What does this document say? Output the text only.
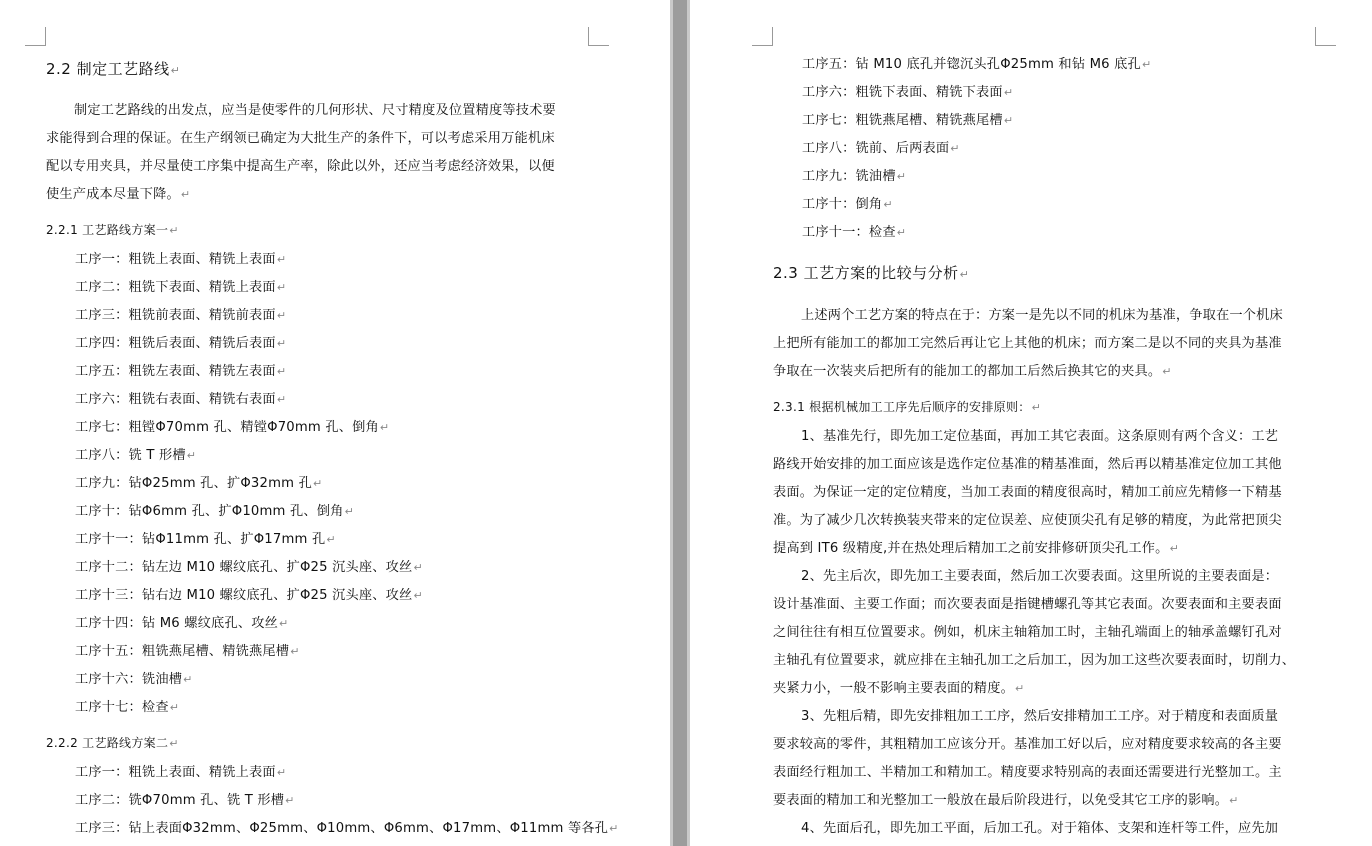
2.2 制定工艺路线↵
制定工艺路线的出发点，应当是使零件的几何形状、尺寸精度及位置精度等技术要
求能得到合理的保证。在生产纲领已确定为大批生产的条件下，可以考虑采用万能机床
配以专用夹具，并尽量使工序集中提高生产率，除此以外，还应当考虑经济效果，以便
使生产成本尽量下降。↵
2.2.1 工艺路线方案一↵
工序一：粗铣上表面、精铣上表面↵
工序二：粗铣下表面、精铣上表面↵
工序三：粗铣前表面、精铣前表面↵
工序四：粗铣后表面、精铣后表面↵
工序五：粗铣左表面、精铣左表面↵
工序六：粗铣右表面、精铣右表面↵
工序七：粗镗Φ70mm 孔、精镗Φ70mm 孔、倒角↵
工序八：铣 T 形槽↵
工序九：钻Φ25mm 孔、扩Φ32mm 孔↵
工序十：钻Φ6mm 孔、扩Φ10mm 孔、倒角↵
工序十一：钻Φ11mm 孔、扩Φ17mm 孔↵
工序十二：钻左边 M10 螺纹底孔、扩Φ25 沉头座、攻丝↵
工序十三：钻右边 M10 螺纹底孔、扩Φ25 沉头座、攻丝↵
工序十四：钻 M6 螺纹底孔、攻丝↵
工序十五：粗铣燕尾槽、精铣燕尾槽↵
工序十六：铣油槽↵
工序十七：检查↵
2.2.2 工艺路线方案二↵
工序一：粗铣上表面、精铣上表面↵
工序二：铣Φ70mm 孔、铣 T 形槽↵
工序三：钻上表面Φ32mm、Φ25mm、Φ10mm、Φ6mm、Φ17mm、Φ11mm 等各孔↵
工序五：钻 M10 底孔并锪沉头孔Φ25mm 和钻 M6 底孔↵
工序六：粗铣下表面、精铣下表面↵
工序七：粗铣燕尾槽、精铣燕尾槽↵
工序八：铣前、后两表面↵
工序九：铣油槽↵
工序十：倒角↵
工序十一：检查↵
2.3 工艺方案的比较与分析↵
上述两个工艺方案的特点在于：方案一是先以不同的机床为基准，争取在一个机床
上把所有能加工的都加工完然后再让它上其他的机床；而方案二是以不同的夹具为基准
争取在一次装夹后把所有的能加工的都加工后然后换其它的夹具。↵
2.3.1 根据机械加工工序先后顺序的安排原则：↵
1、基准先行，即先加工定位基面，再加工其它表面。这条原则有两个含义：工艺
路线开始安排的加工面应该是选作定位基准的精基准面，然后再以精基准定位加工其他
表面。为保证一定的定位精度，当加工表面的精度很高时，精加工前应先精修一下精基
准。为了减少几次转换装夹带来的定位误差、应使顶尖孔有足够的精度，为此常把顶尖
提高到 IT6 级精度,并在热处理后精加工之前安排修研顶尖孔工作。↵
2、先主后次，即先加工主要表面，然后加工次要表面。这里所说的主要表面是：
设计基准面、主要工作面；而次要表面是指键槽螺孔等其它表面。次要表面和主要表面
之间往往有相互位置要求。例如，机床主轴箱加工时，主轴孔端面上的轴承盖螺钉孔对
主轴孔有位置要求，就应排在主轴孔加工之后加工，因为加工这些次要表面时，切削力、
夹紧力小，一般不影响主要表面的精度。↵
3、先粗后精，即先安排粗加工工序，然后安排精加工工序。对于精度和表面质量
要求较高的零件，其粗精加工应该分开。基准加工好以后，应对精度要求较高的各主要
表面经行粗加工、半精加工和精加工。精度要求特别高的表面还需要进行光整加工。主
要表面的精加工和光整加工一般放在最后阶段进行，以免受其它工序的影响。↵
4、先面后孔，即先加工平面，后加工孔。对于箱体、支架和连杆等工件，应先加
